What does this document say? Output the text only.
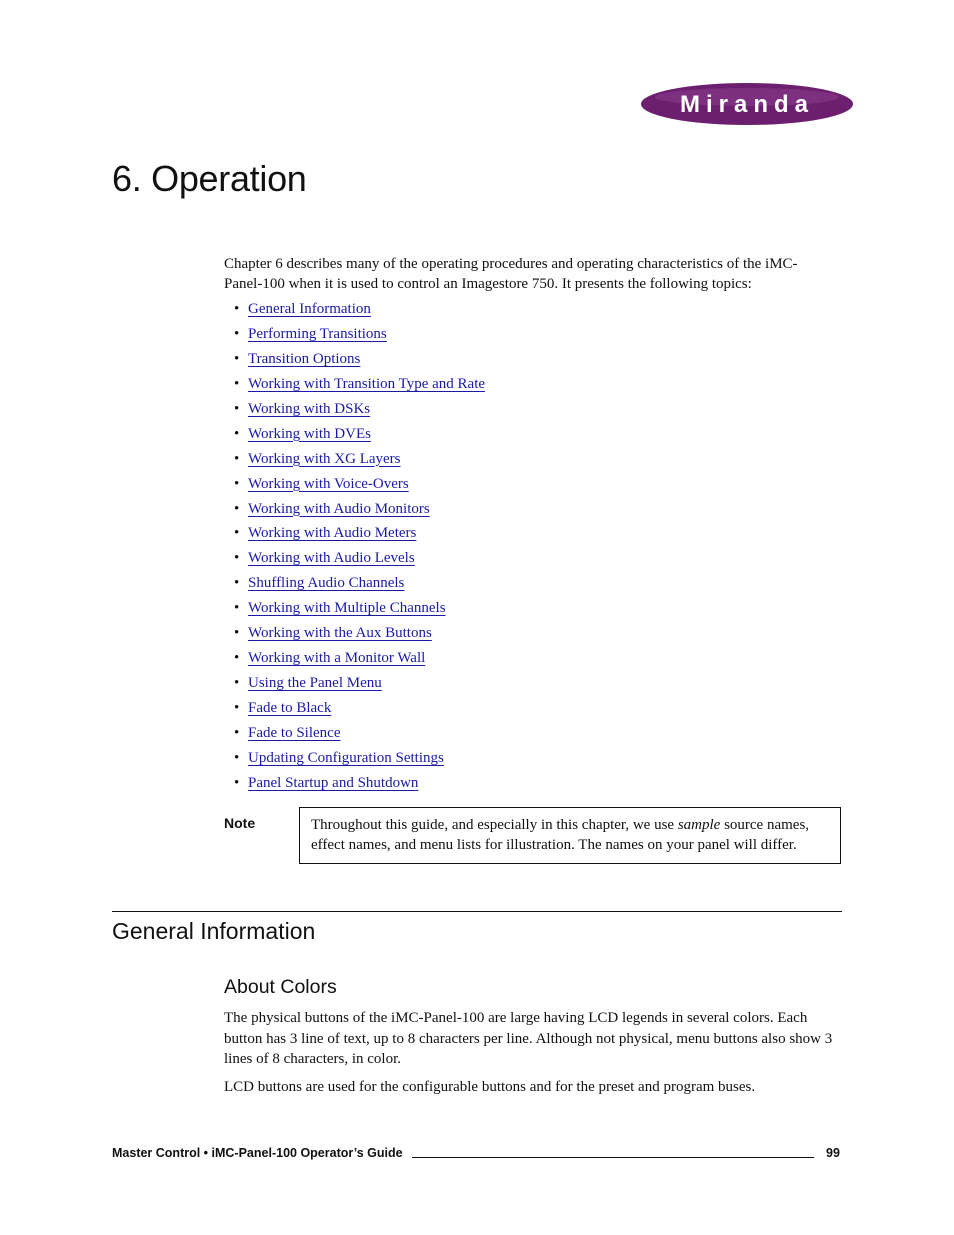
Miranda
6. Operation

Chapter 6 describes many of the operating procedures and operating characteristics of the iMC-Panel-100 when it is used to control an Imagestore 750. It presents the following topics:

• General Information
• Performing Transitions
• Transition Options
• Working with Transition Type and Rate
• Working with DSKs
• Working with DVEs
• Working with XG Layers
• Working with Voice-Overs
• Working with Audio Monitors
• Working with Audio Meters
• Working with Audio Levels
• Shuffling Audio Channels
• Working with Multiple Channels
• Working with the Aux Buttons
• Working with a Monitor Wall
• Using the Panel Menu
• Fade to Black
• Fade to Silence
• Updating Configuration Settings
• Panel Startup and Shutdown

Note	Throughout this guide, and especially in this chapter, we use sample source names, effect names, and menu lists for illustration. The names on your panel will differ.
General Information
About Colors

The physical buttons of the iMC-Panel-100 are large having LCD legends in several colors. Each button has 3 line of text, up to 8 characters per line. Although not physical, menu buttons also show 3 lines of 8 characters, in color.

LCD buttons are used for the configurable buttons and for the preset and program buses.

Master Control • iMC-Panel-100 Operator’s Guide	99
